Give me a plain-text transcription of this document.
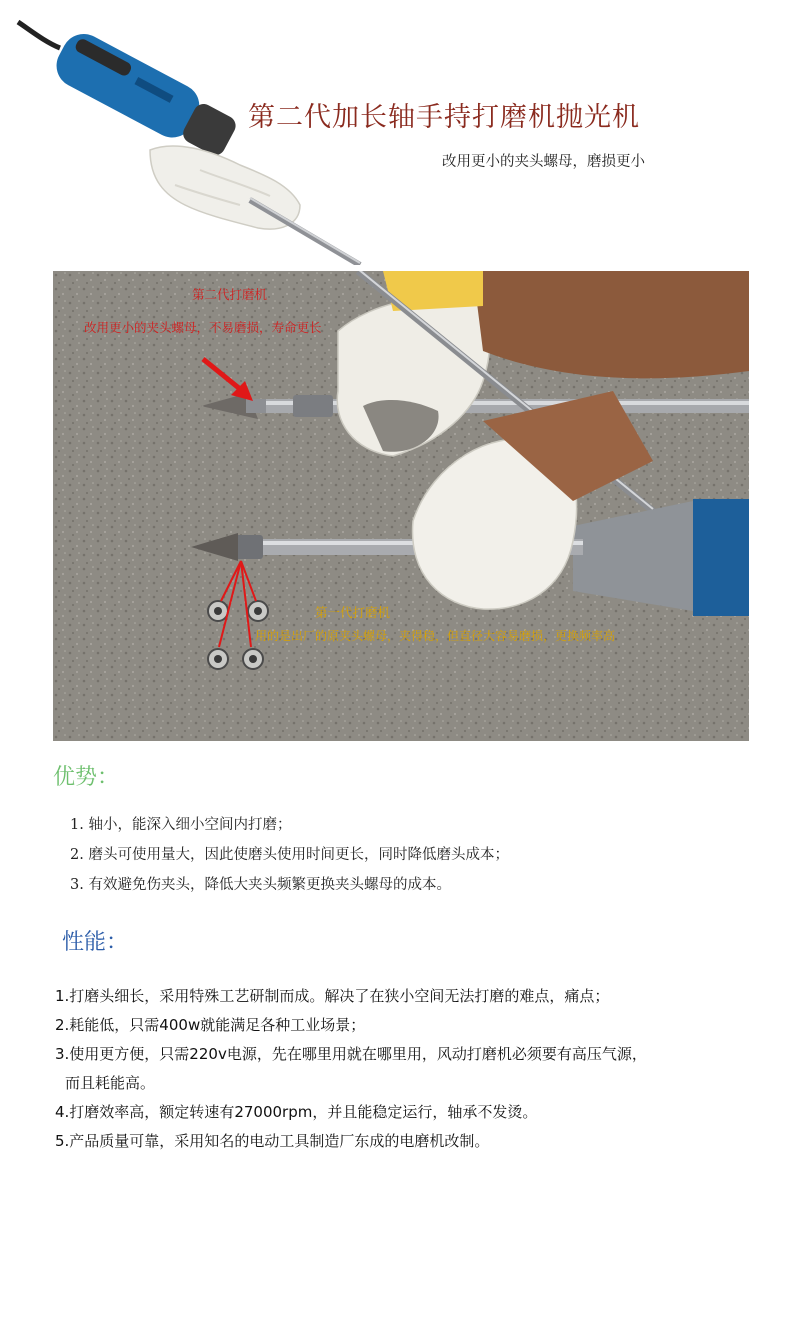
第二代加长轴手持打磨机抛光机
改用更小的夹头螺母，磨损更小
第二代打磨机
改用更小的夹头螺母，不易磨损，寿命更长
第一代打磨机
用的是出厂的原夹头螺母，夹得稳，但直径大容易磨损，更换频率高
优势：
1. 轴小，能深入细小空间内打磨；
2. 磨头可使用量大，因此使磨头使用时间更长，同时降低磨头成本；
3. 有效避免伤夹头，降低大夹头频繁更换夹头螺母的成本。
性能：
1.打磨头细长，采用特殊工艺研制而成。解决了在狭小空间无法打磨的难点，痛点；
2.耗能低，只需400w就能满足各种工业场景；
3.使用更方便，只需220v电源，先在哪里用就在哪里用，风动打磨机必须要有高压气源，
而且耗能高。
4.打磨效率高，额定转速有27000rpm，并且能稳定运行，轴承不发烫。
5.产品质量可靠，采用知名的电动工具制造厂东成的电磨机改制。
